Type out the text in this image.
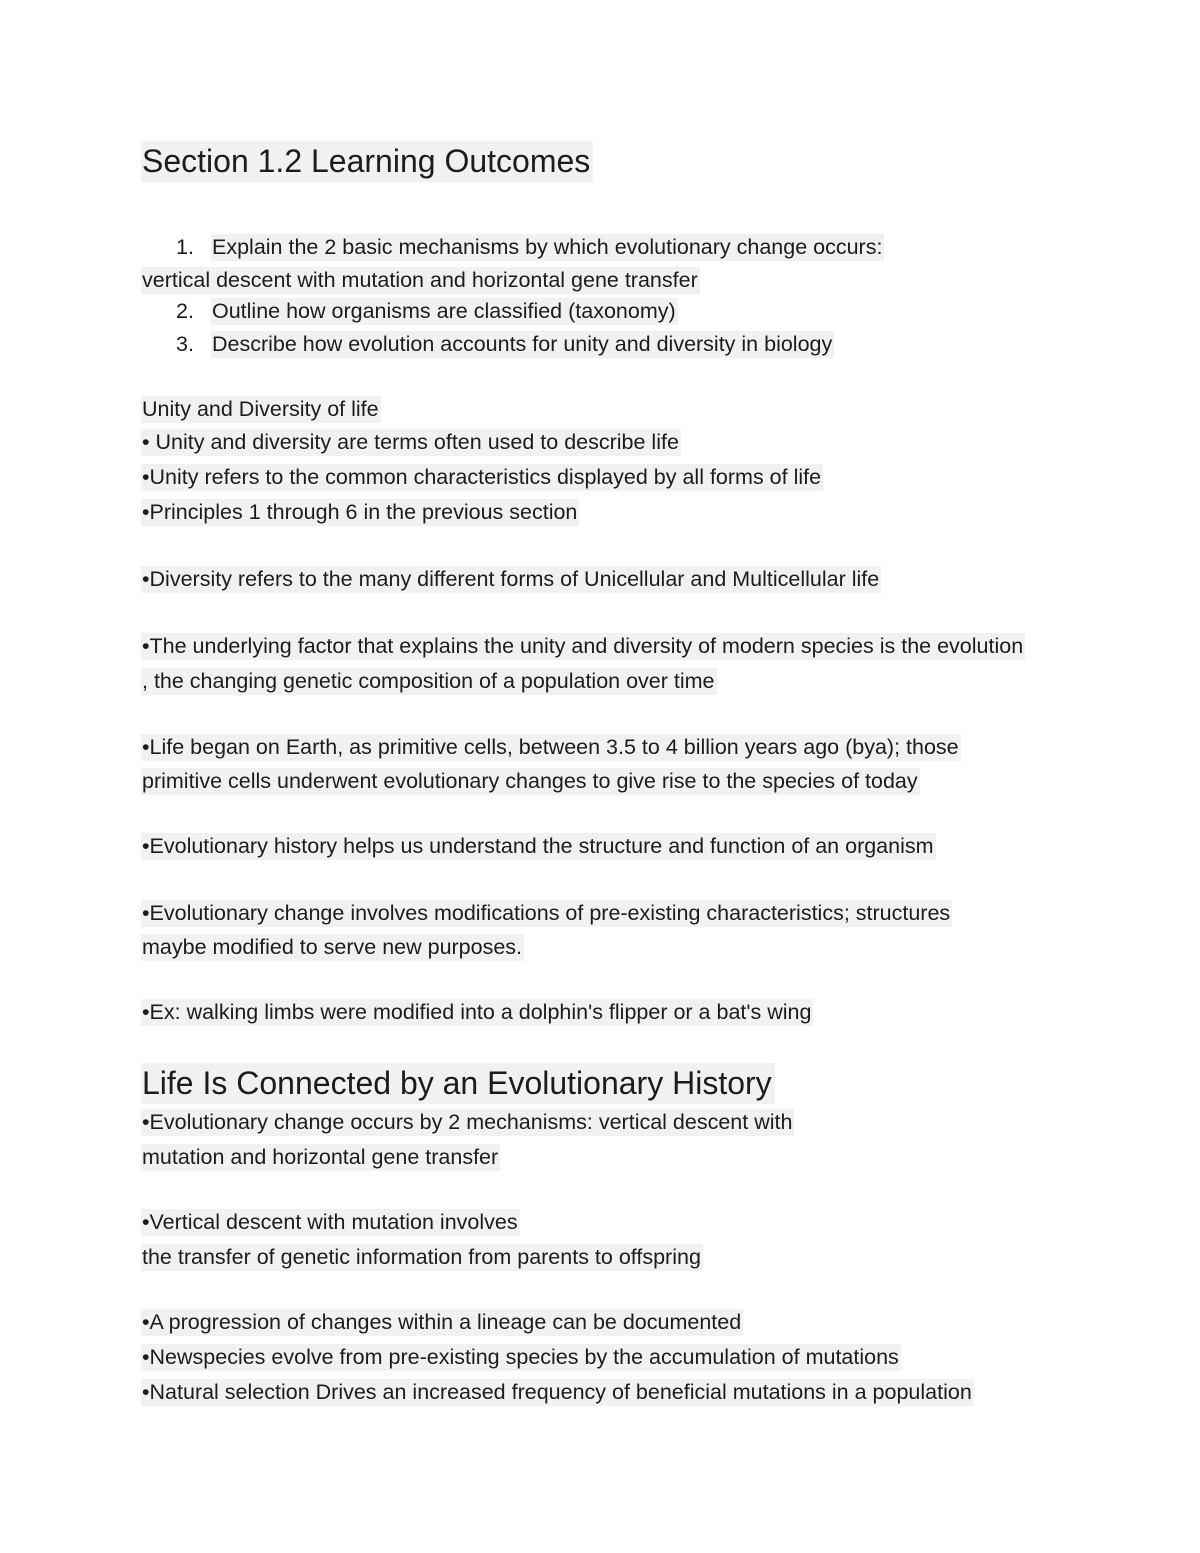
Section 1.2 Learning Outcomes
1. Explain the 2 basic mechanisms by which evolutionary change occurs:
vertical descent with mutation and horizontal gene transfer
2. Outline how organisms are classified (taxonomy)
3. Describe how evolution accounts for unity and diversity in biology
Unity and Diversity of life
• Unity and diversity are terms often used to describe life
•Unity refers to the common characteristics displayed by all forms of life
•Principles 1 through 6 in the previous section
•Diversity refers to the many different forms of Unicellular and Multicellular life
•The underlying factor that explains the unity and diversity of modern species is the evolution
, the changing genetic composition of a population over time
•Life began on Earth, as primitive cells, between 3.5 to 4 billion years ago (bya); those
primitive cells underwent evolutionary changes to give rise to the species of today
•Evolutionary history helps us understand the structure and function of an organism
•Evolutionary change involves modifications of pre-existing characteristics; structures
maybe modified to serve new purposes.
•Ex: walking limbs were modified into a dolphin's flipper or a bat's wing
Life Is Connected by an Evolutionary History
•Evolutionary change occurs by 2 mechanisms: vertical descent with
mutation and horizontal gene transfer
•Vertical descent with mutation involves
the transfer of genetic information from parents to offspring
•A progression of changes within a lineage can be documented
•Newspecies evolve from pre-existing species by the accumulation of mutations
•Natural selection Drives an increased frequency of beneficial mutations in a population
